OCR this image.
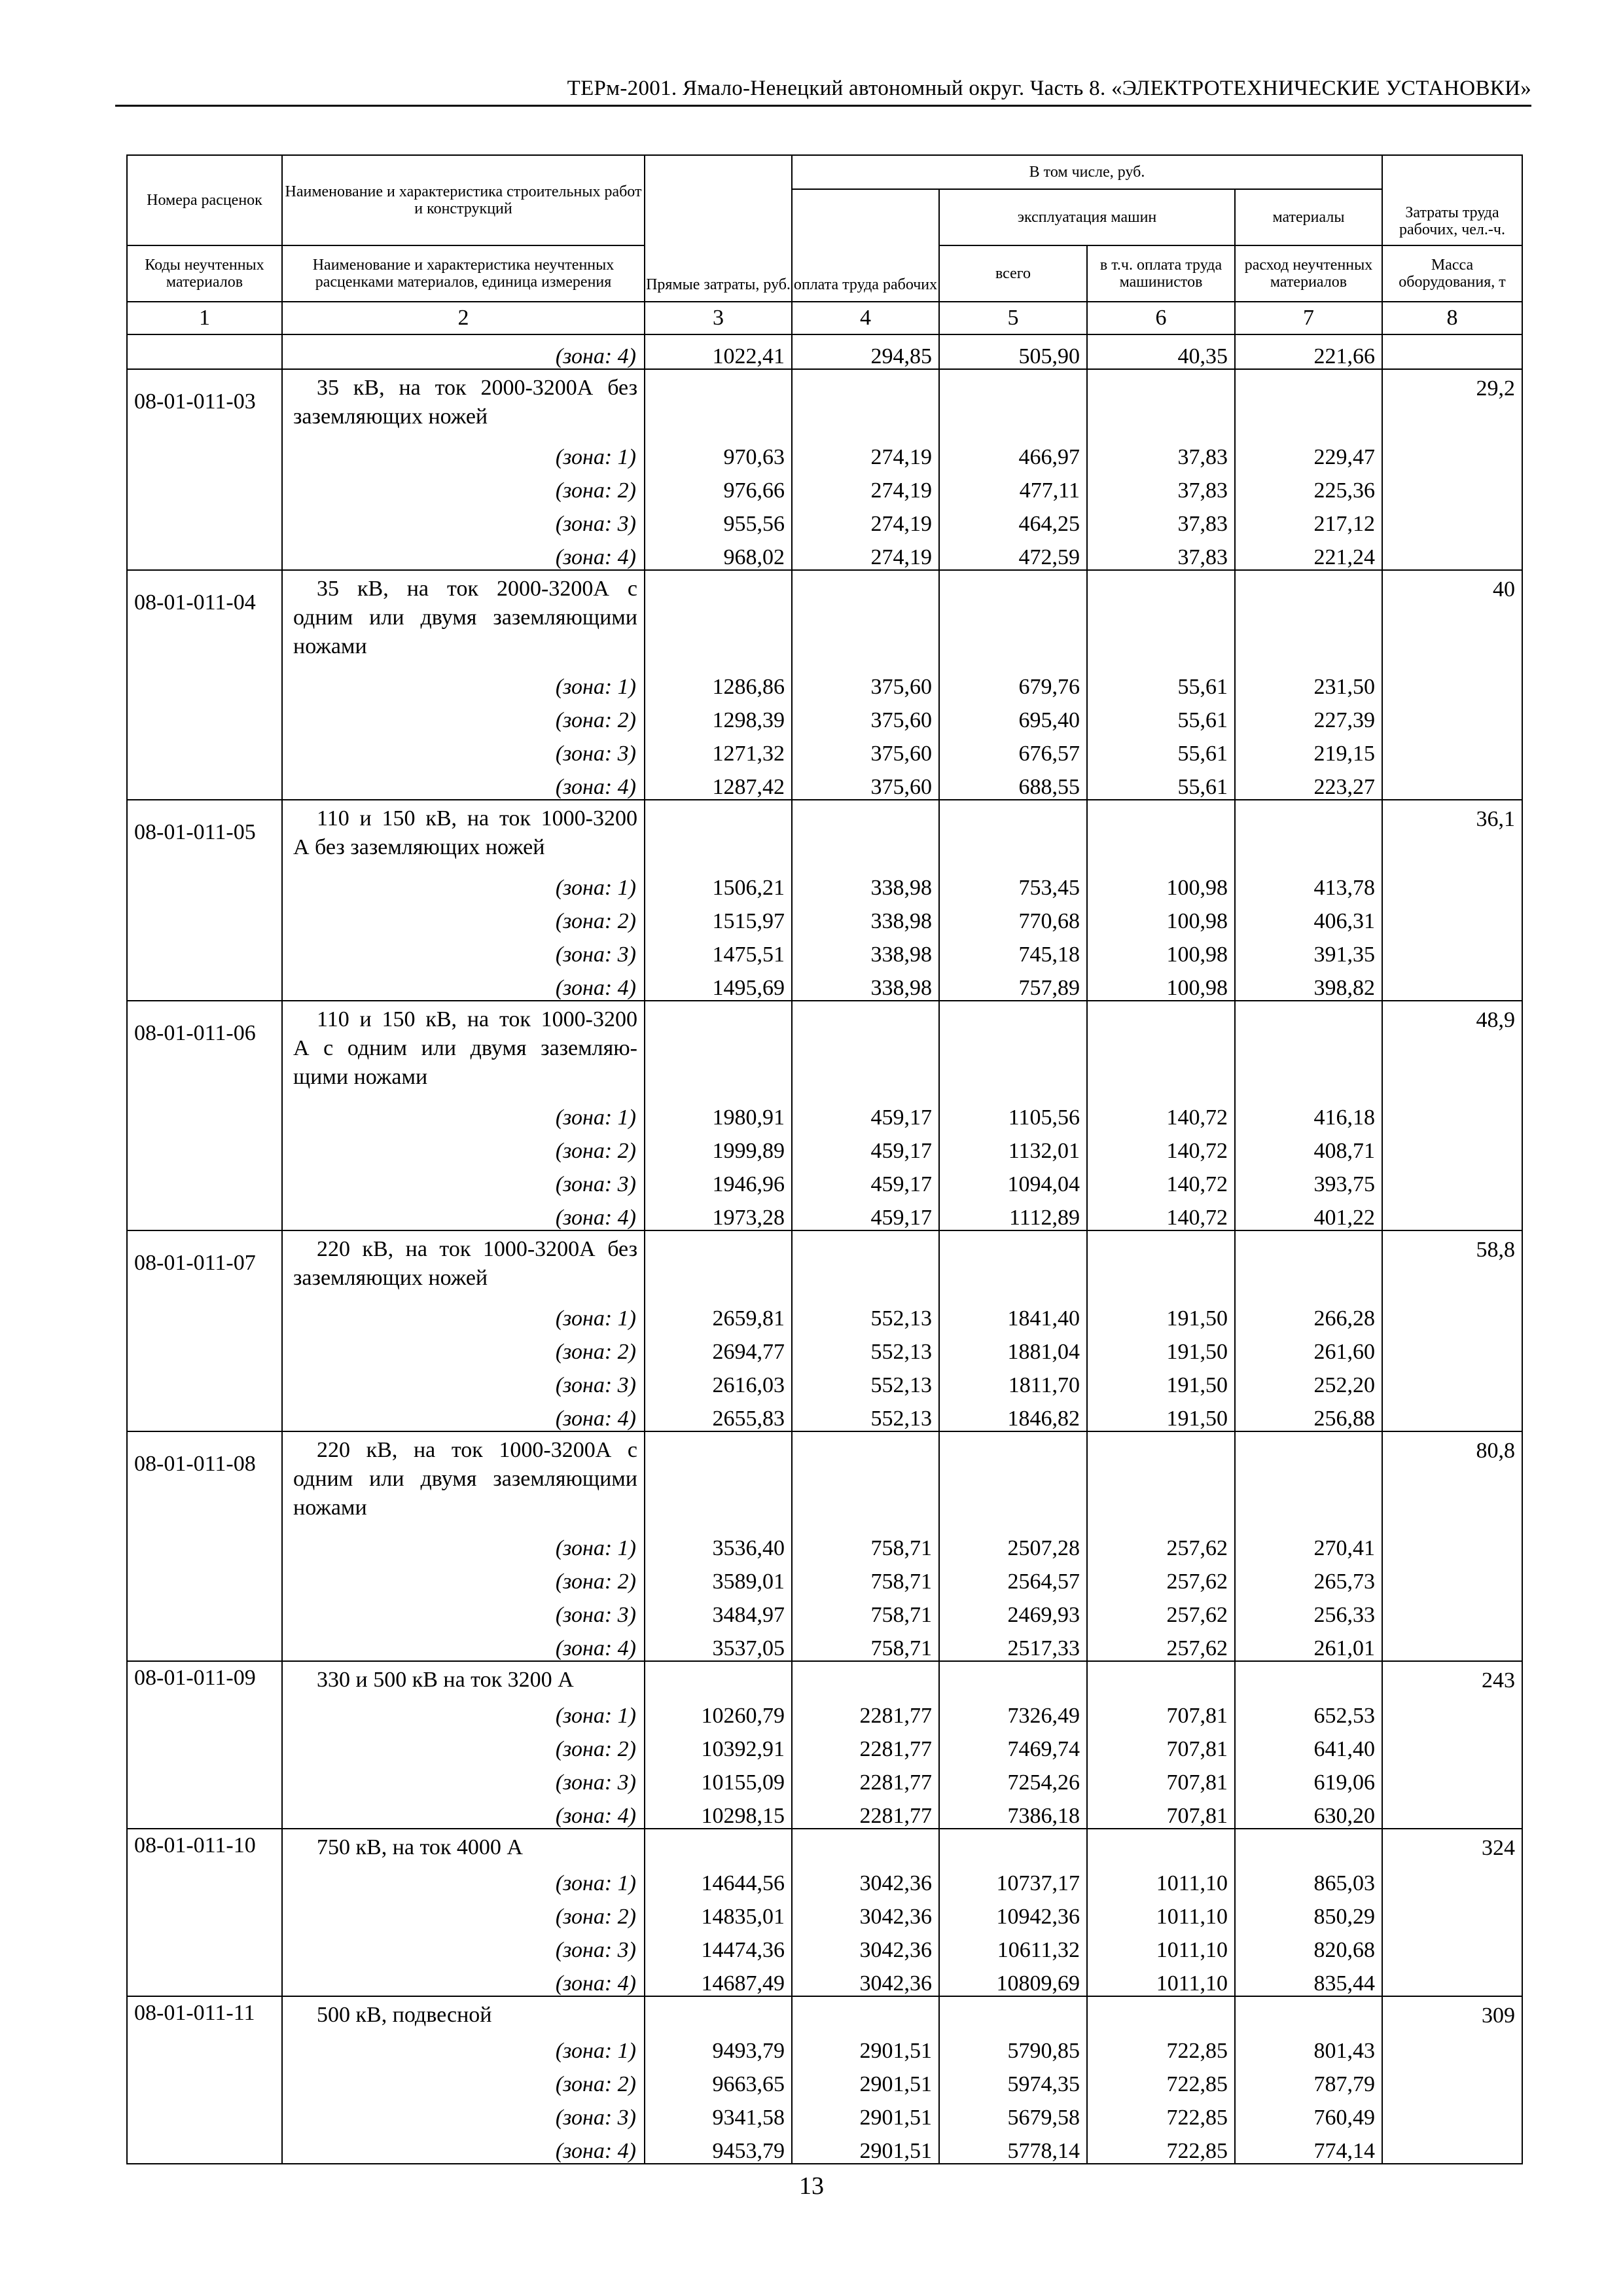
ТЕРм-2001. Ямало-Ненецкий автономный округ. Часть 8. «ЭЛЕКТРОТЕХНИЧЕСКИЕ УСТАНОВКИ»
Номера расценок	Наименование и характеристика строительных работ и конструкций	Прямые затраты, руб.	В том числе, руб.				Затраты труда рабочих, чел.-ч.
			оплата труда рабочих	эксплуатация машин		материалы	
Коды неучтенных материалов	Наименование и характеристика неучтенных расценками материалов, единица измерения			всего	в т.ч. оплата труда машинистов	расход неучтенных материалов	Масса оборудования, т
1	2	3	4	5	6	7	8
	(зона: 4)	1022,41	294,85	505,90	40,35	221,66	
08-01-011-03	35 кВ, на ток 2000-3200А без
заземляющих ножей						29,2
	(зона: 1)	970,63	274,19	466,97	37,83	229,47	
	(зона: 2)	976,66	274,19	477,11	37,83	225,36	
	(зона: 3)	955,56	274,19	464,25	37,83	217,12	
	(зона: 4)	968,02	274,19	472,59	37,83	221,24	
08-01-011-04	35 кВ, на ток 2000-3200А с
одним или двумя заземляющими
ножами						40
	(зона: 1)	1286,86	375,60	679,76	55,61	231,50	
	(зона: 2)	1298,39	375,60	695,40	55,61	227,39	
	(зона: 3)	1271,32	375,60	676,57	55,61	219,15	
	(зона: 4)	1287,42	375,60	688,55	55,61	223,27	
08-01-011-05	110 и 150 кВ, на ток 1000-3200
А без заземляющих ножей						36,1
	(зона: 1)	1506,21	338,98	753,45	100,98	413,78	
	(зона: 2)	1515,97	338,98	770,68	100,98	406,31	
	(зона: 3)	1475,51	338,98	745,18	100,98	391,35	
	(зона: 4)	1495,69	338,98	757,89	100,98	398,82	
08-01-011-06	110 и 150 кВ, на ток 1000-3200
А с одним или двумя заземляю-
щими ножами						48,9
	(зона: 1)	1980,91	459,17	1105,56	140,72	416,18	
	(зона: 2)	1999,89	459,17	1132,01	140,72	408,71	
	(зона: 3)	1946,96	459,17	1094,04	140,72	393,75	
	(зона: 4)	1973,28	459,17	1112,89	140,72	401,22	
08-01-011-07	220 кВ, на ток 1000-3200А без
заземляющих ножей						58,8
	(зона: 1)	2659,81	552,13	1841,40	191,50	266,28	
	(зона: 2)	2694,77	552,13	1881,04	191,50	261,60	
	(зона: 3)	2616,03	552,13	1811,70	191,50	252,20	
	(зона: 4)	2655,83	552,13	1846,82	191,50	256,88	
08-01-011-08	220 кВ, на ток 1000-3200А с
одним или двумя заземляющими
ножами						80,8
	(зона: 1)	3536,40	758,71	2507,28	257,62	270,41	
	(зона: 2)	3589,01	758,71	2564,57	257,62	265,73	
	(зона: 3)	3484,97	758,71	2469,93	257,62	256,33	
	(зона: 4)	3537,05	758,71	2517,33	257,62	261,01	
08-01-011-09	330 и 500 кВ на ток 3200 А						243
	(зона: 1)	10260,79	2281,77	7326,49	707,81	652,53	
	(зона: 2)	10392,91	2281,77	7469,74	707,81	641,40	
	(зона: 3)	10155,09	2281,77	7254,26	707,81	619,06	
	(зона: 4)	10298,15	2281,77	7386,18	707,81	630,20	
08-01-011-10	750 кВ, на ток 4000 А						324
	(зона: 1)	14644,56	3042,36	10737,17	1011,10	865,03	
	(зона: 2)	14835,01	3042,36	10942,36	1011,10	850,29	
	(зона: 3)	14474,36	3042,36	10611,32	1011,10	820,68	
	(зона: 4)	14687,49	3042,36	10809,69	1011,10	835,44	
08-01-011-11	500 кВ, подвесной						309
	(зона: 1)	9493,79	2901,51	5790,85	722,85	801,43	
	(зона: 2)	9663,65	2901,51	5974,35	722,85	787,79	
	(зона: 3)	9341,58	2901,51	5679,58	722,85	760,49	
	(зона: 4)	9453,79	2901,51	5778,14	722,85	774,14	
13
